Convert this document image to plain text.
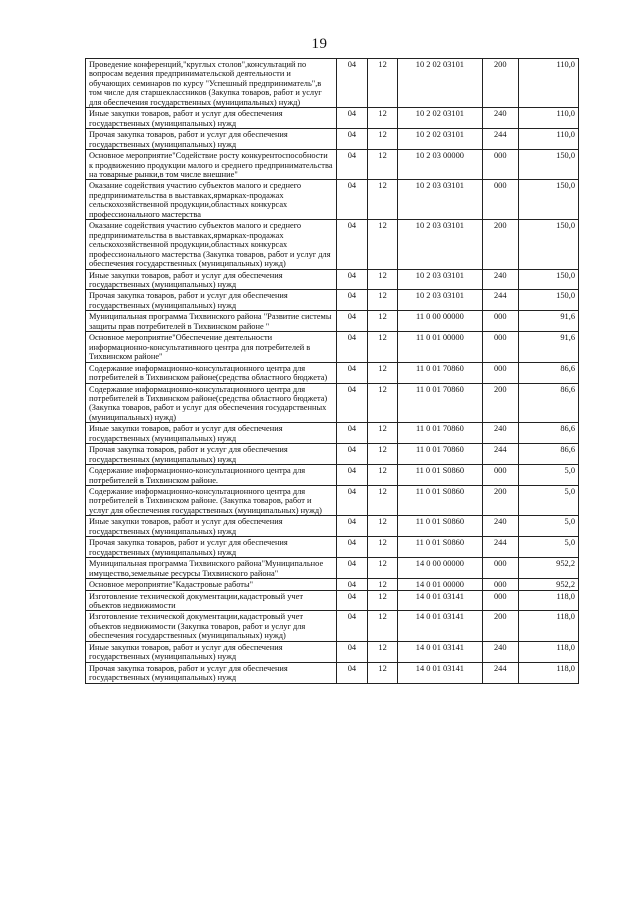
19
Проведение конференций,"круглых столов",консультаций по вопросам ведения предпринимательской деятельности и обучающих семинаров по курсу "Успешный предприниматель",в том числе для старшеклассников (Закупка товаров, работ и услуг для обеспечения государственных (муниципальных) нужд)	04	12	10 2 02 03101	200	110,0
Иные закупки товаров, работ и услуг для обеспечения государственных (муниципальных) нужд	04	12	10 2 02 03101	240	110,0
Прочая закупка товаров, работ и услуг для обеспечения государственных (муниципальных) нужд	04	12	10 2 02 03101	244	110,0
Основное мероприятие"Содействие росту конкурентоспособности к продвижению продукции малого и среднего предпринимательства на товарные рынки,в том числе внешние"	04	12	10 2 03 00000	000	150,0
Оказание содействия участию субъектов малого и среднего предпринимательства в выставках,ярмарках-продажах сельскохозяйственной продукции,областных конкурсах профессионального мастерства	04	12	10 2 03 03101	000	150,0
Оказание содействия участию субъектов малого и среднего предпринимательства в выставках,ярмарках-продажах сельскохозяйственной продукции,областных конкурсах профессионального мастерства (Закупка товаров, работ и услуг для обеспечения государственных (муниципальных) нужд)	04	12	10 2 03 03101	200	150,0
Иные закупки товаров, работ и услуг для обеспечения государственных (муниципальных) нужд	04	12	10 2 03 03101	240	150,0
Прочая закупка товаров, работ и услуг для обеспечения государственных (муниципальных) нужд	04	12	10 2 03 03101	244	150,0
Муниципальная программа Тихвинского района "Развитие системы защиты прав потребителей в Тихвинском районе "	04	12	11 0 00 00000	000	91,6
Основное мероприятие"Обеспечение деятельности информационно-консультативного центра для потребителей в Тихвинском районе"	04	12	11 0 01 00000	000	91,6
Содержание информационно-консультационного центра для потребителей в Тихвинском районе(средства областного бюджета)	04	12	11 0 01 70860	000	86,6
Содержание информационно-консультационного центра для потребителей в Тихвинском районе(средства областного бюджета) (Закупка товаров, работ и услуг для обеспечения государственных (муниципальных) нужд)	04	12	11 0 01 70860	200	86,6
Иные закупки товаров, работ и услуг для обеспечения государственных (муниципальных) нужд	04	12	11 0 01 70860	240	86,6
Прочая закупка товаров, работ и услуг для обеспечения государственных (муниципальных) нужд	04	12	11 0 01 70860	244	86,6
Содержание информационно-консультационного центра для потребителей в Тихвинском районе.	04	12	11 0 01 S0860	000	5,0
Содержание информационно-консультационного центра для потребителей в Тихвинском районе. (Закупка товаров, работ и услуг для обеспечения государственных (муниципальных) нужд)	04	12	11 0 01 S0860	200	5,0
Иные закупки товаров, работ и услуг для обеспечения государственных (муниципальных) нужд	04	12	11 0 01 S0860	240	5,0
Прочая закупка товаров, работ и услуг для обеспечения государственных (муниципальных) нужд	04	12	11 0 01 S0860	244	5,0
Муниципальная программа Тихвинского района"Муниципальное имущество,земельные ресурсы Тихвинского района"	04	12	14 0 00 00000	000	952,2
Основное мероприятие"Кадастровые работы"	04	12	14 0 01 00000	000	952,2
Изготовление технической документации,кадастровый учет объектов недвижимости	04	12	14 0 01 03141	000	118,0
Изготовление технической документации,кадастровый учет объектов недвижимости (Закупка товаров, работ и услуг для обеспечения государственных (муниципальных) нужд)	04	12	14 0 01 03141	200	118,0
Иные закупки товаров, работ и услуг для обеспечения государственных (муниципальных) нужд	04	12	14 0 01 03141	240	118,0
Прочая закупка товаров, работ и услуг для обеспечения государственных (муниципальных) нужд	04	12	14 0 01 03141	244	118,0
